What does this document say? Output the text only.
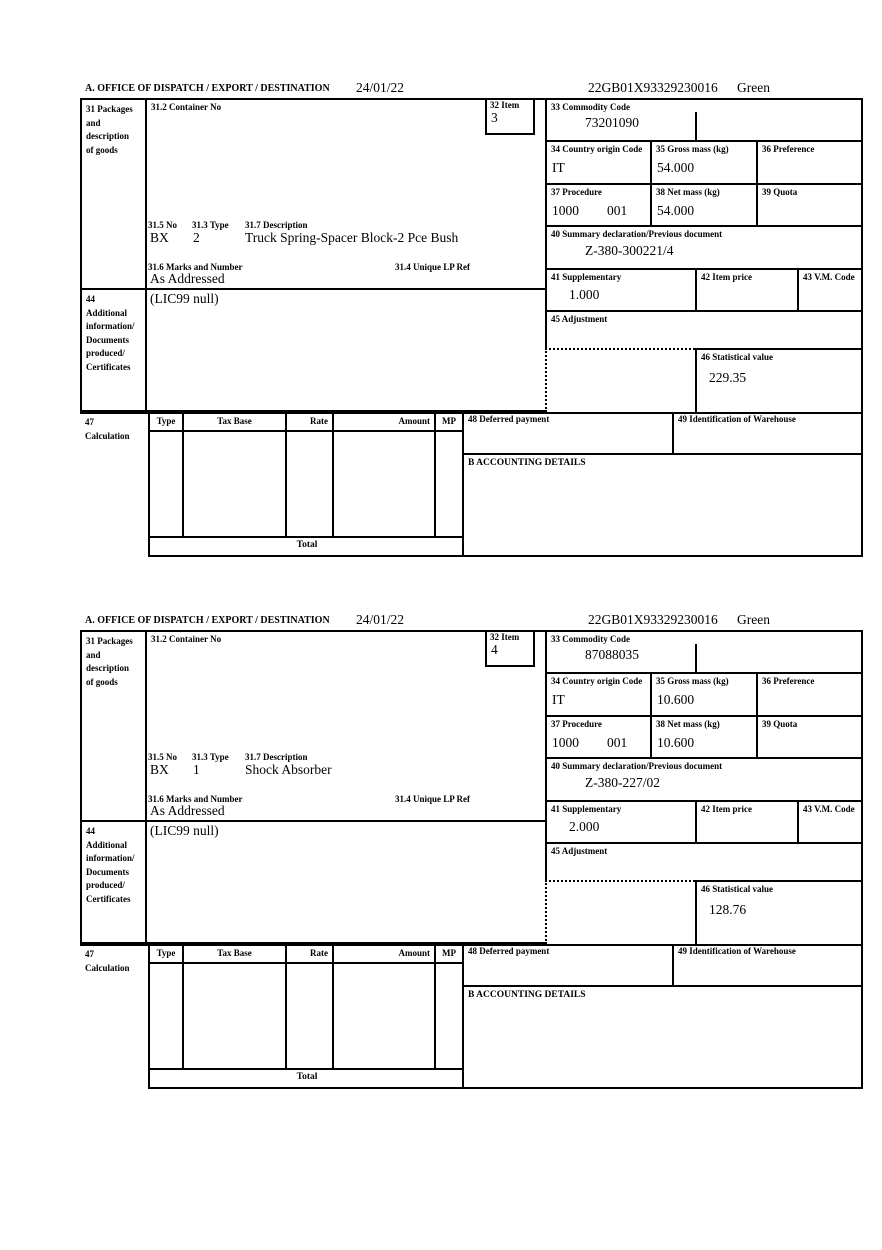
A. OFFICE OF DISPATCH / EXPORT / DESTINATION 24/01/22	22GB01X93329230016 Green
31 Packages
and
description
of goods
31.2 Container No	32 Item
3
31.5 No 31.3 Type 31.7 Description
BX 2	Truck Spring-Spacer Block-2 Pce Bush
31.6 Marks and Number	31.4 Unique LP Ref
As Addressed
44
Additional
information/
Documents
produced/
Certificates
(LIC99 null)
33 Commodity Code
73201090
34 Country origin Code
IT
35 Gross mass (kg)
54.000
36 Preference
37 Procedure
1000 001
38 Net mass (kg)
54.000
39 Quota
40 Summary declaration/Previous document
Z-380-300221/4
41 Supplementary
1.000
42 Item price	43 V.M. Code
45 Adjustment
46 Statistical value
229.35
47
Calculation
Type	Tax Base	Rate	Amount	MP
Total
48 Deferred payment	49 Identification of Warehouse
B ACCOUNTING DETAILS
A. OFFICE OF DISPATCH / EXPORT / DESTINATION 24/01/22	22GB01X93329230016 Green
31 Packages
and
description
of goods
31.2 Container No	32 Item
4
31.5 No 31.3 Type 31.7 Description
BX 1	Shock Absorber
31.6 Marks and Number	31.4 Unique LP Ref
As Addressed
44
Additional
information/
Documents
produced/
Certificates
(LIC99 null)
33 Commodity Code
87088035
34 Country origin Code
IT
35 Gross mass (kg)
10.600
36 Preference
37 Procedure
1000 001
38 Net mass (kg)
10.600
39 Quota
40 Summary declaration/Previous document
Z-380-227/02
41 Supplementary
2.000
42 Item price	43 V.M. Code
45 Adjustment
46 Statistical value
128.76
47
Calculation
Type	Tax Base	Rate	Amount	MP
Total
48 Deferred payment	49 Identification of Warehouse
B ACCOUNTING DETAILS
